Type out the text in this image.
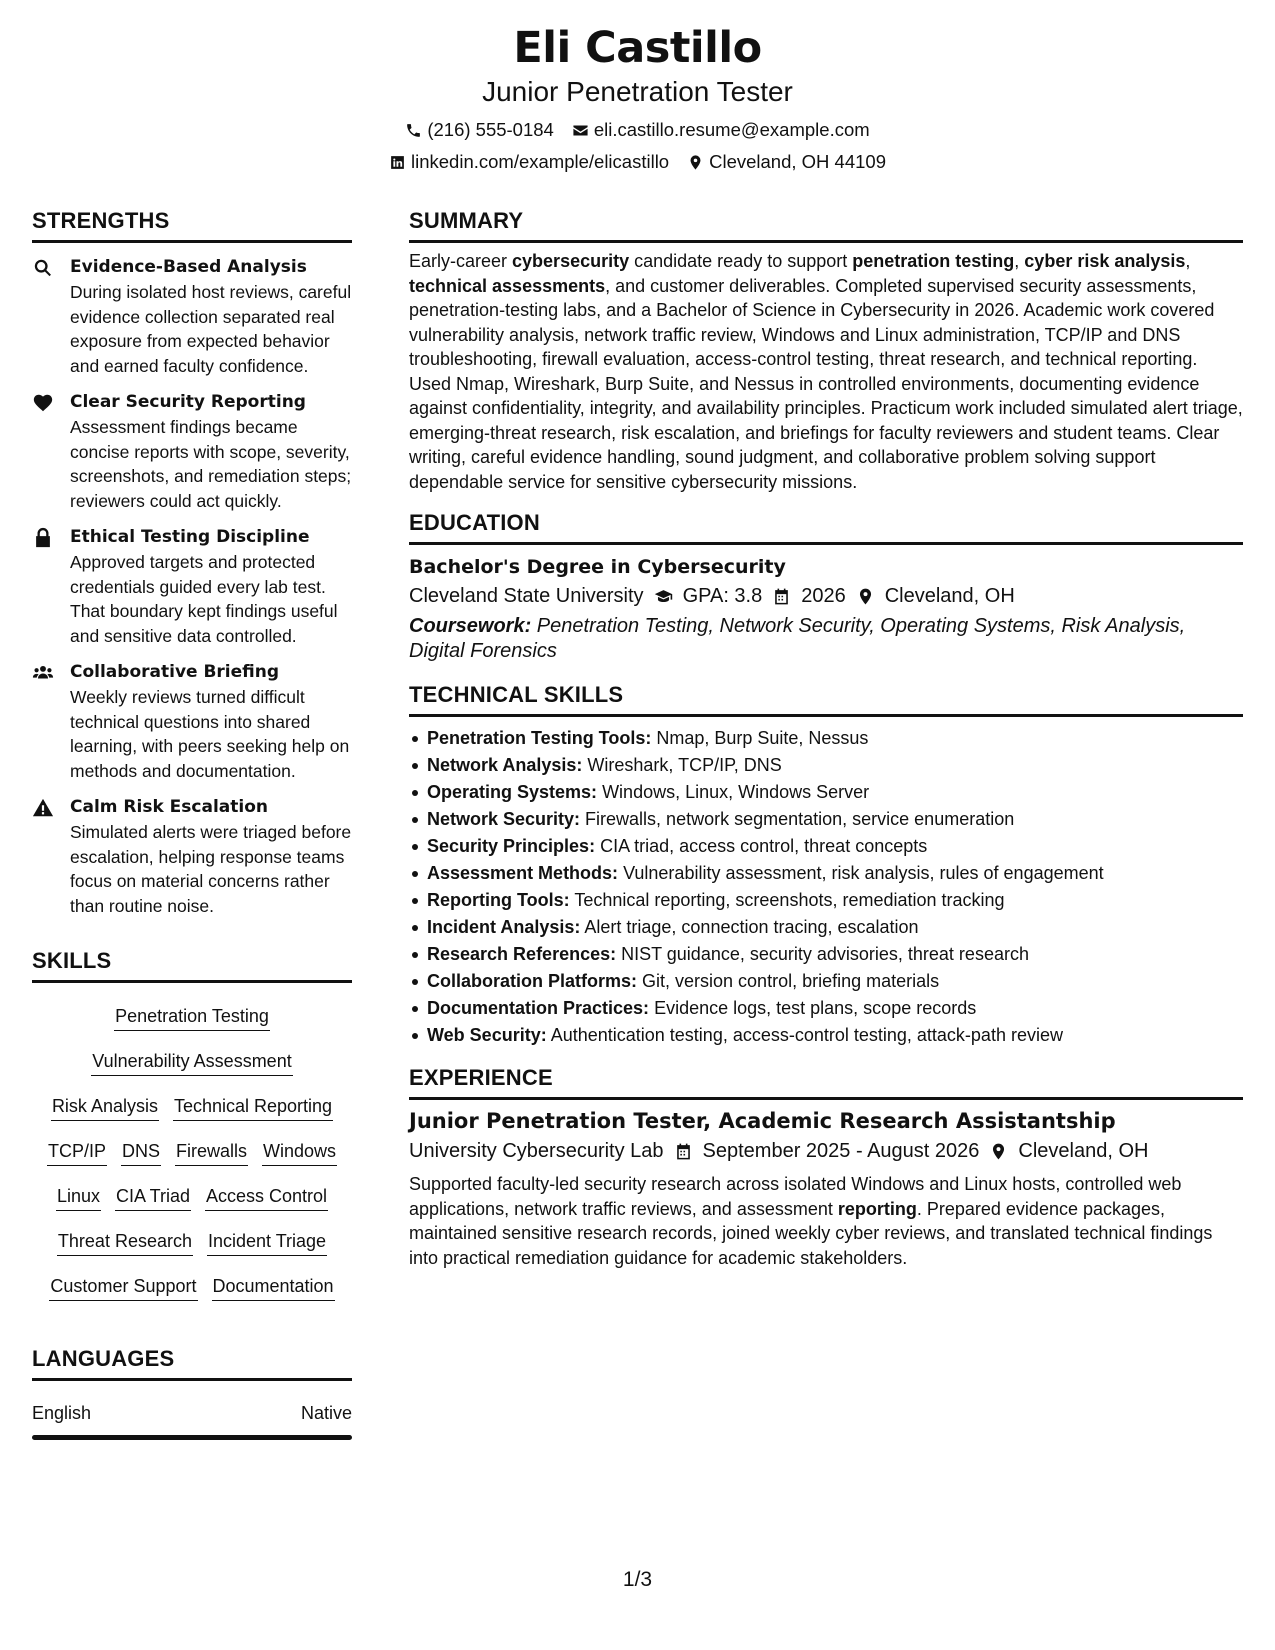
Eli Castillo
Junior Penetration Tester
(216) 555-0184 eli.castillo.resume@example.com
linkedin.com/example/elicastillo Cleveland, OH 44109
STRENGTHS
Evidence-Based Analysis
During isolated host reviews, careful evidence collection separated real exposure from expected behavior and earned faculty confidence.
Clear Security Reporting
Assessment findings became concise reports with scope, severity, screenshots, and remediation steps; reviewers could act quickly.
Ethical Testing Discipline
Approved targets and protected credentials guided every lab test. That boundary kept findings useful and sensitive data controlled.
Collaborative Briefing
Weekly reviews turned difficult technical questions into shared learning, with peers seeking help on methods and documentation.
Calm Risk Escalation
Simulated alerts were triaged before escalation, helping response teams focus on material concerns rather than routine noise.
SKILLS
Penetration Testing
Vulnerability Assessment
Risk Analysis Technical Reporting
TCP/IP DNS Firewalls Windows
Linux CIA Triad Access Control
Threat Research Incident Triage
Customer Support Documentation
LANGUAGES
English	Native
SUMMARY
Early-career cybersecurity candidate ready to support penetration testing, cyber risk analysis, technical assessments, and customer deliverables. Completed supervised security assessments, penetration-testing labs, and a Bachelor of Science in Cybersecurity in 2026. Academic work covered vulnerability analysis, network traffic review, Windows and Linux administration, TCP/IP and DNS troubleshooting, firewall evaluation, access-control testing, threat research, and technical reporting. Used Nmap, Wireshark, Burp Suite, and Nessus in controlled environments, documenting evidence against confidentiality, integrity, and availability principles. Practicum work included simulated alert triage, emerging-threat research, risk escalation, and briefings for faculty reviewers and student teams. Clear writing, careful evidence handling, sound judgment, and collaborative problem solving support dependable service for sensitive cybersecurity missions.
EDUCATION
Bachelor's Degree in Cybersecurity
Cleveland State University GPA: 3.8 2026 Cleveland, OH
Coursework: Penetration Testing, Network Security, Operating Systems, Risk Analysis, Digital Forensics
TECHNICAL SKILLS
Penetration Testing Tools: Nmap, Burp Suite, Nessus
Network Analysis: Wireshark, TCP/IP, DNS
Operating Systems: Windows, Linux, Windows Server
Network Security: Firewalls, network segmentation, service enumeration
Security Principles: CIA triad, access control, threat concepts
Assessment Methods: Vulnerability assessment, risk analysis, rules of engagement
Reporting Tools: Technical reporting, screenshots, remediation tracking
Incident Analysis: Alert triage, connection tracing, escalation
Research References: NIST guidance, security advisories, threat research
Collaboration Platforms: Git, version control, briefing materials
Documentation Practices: Evidence logs, test plans, scope records
Web Security: Authentication testing, access-control testing, attack-path review
EXPERIENCE
Junior Penetration Tester, Academic Research Assistantship
University Cybersecurity Lab September 2025 - August 2026 Cleveland, OH
Supported faculty-led security research across isolated Windows and Linux hosts, controlled web applications, network traffic reviews, and assessment reporting. Prepared evidence packages, maintained sensitive research records, joined weekly cyber reviews, and translated technical findings into practical remediation guidance for academic stakeholders.
1/3
